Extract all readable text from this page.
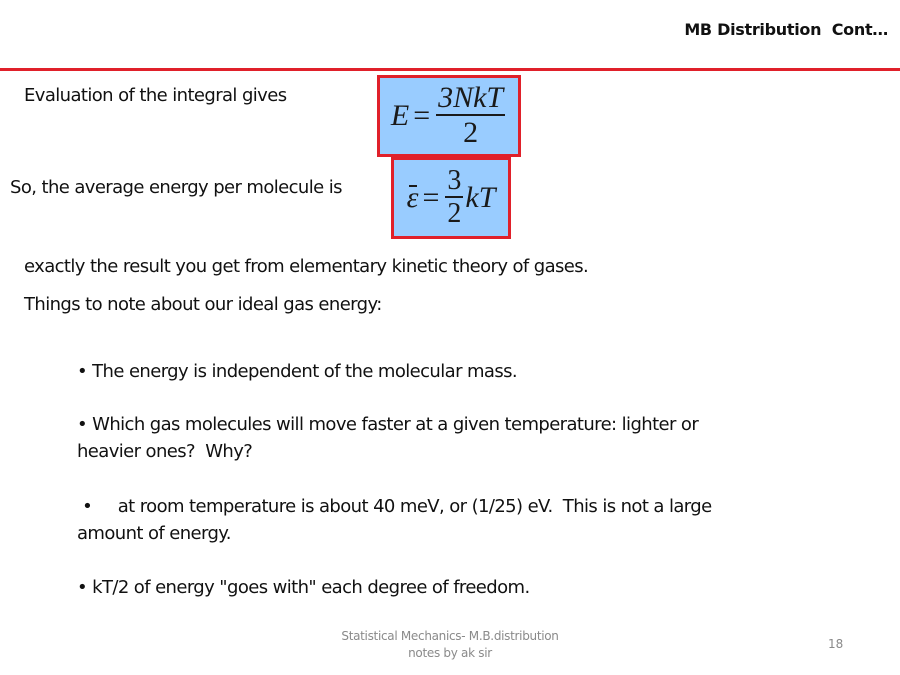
MB Distribution  Cont…
Evaluation of the integral gives
$E = \frac{\text{3NkT}}{2}$
So, the average energy per molecule is $\varepsilon = \frac{3}{2}$ kT
exactly the result you get from elementary kinetic theory of gases.
Things to note about our ideal gas energy:
• The energy is independent of the molecular mass.
• Which gas molecules will move faster at a given temperature: lighter or
heavier ones?  Why?
•     at room temperature is about 40 meV, or (1/25) eV.  This is not a large
amount of energy.
• kT/2 of energy "goes with" each degree of freedom.
Statistical Mechanics- M.B.distribution
notes by ak sir
18
